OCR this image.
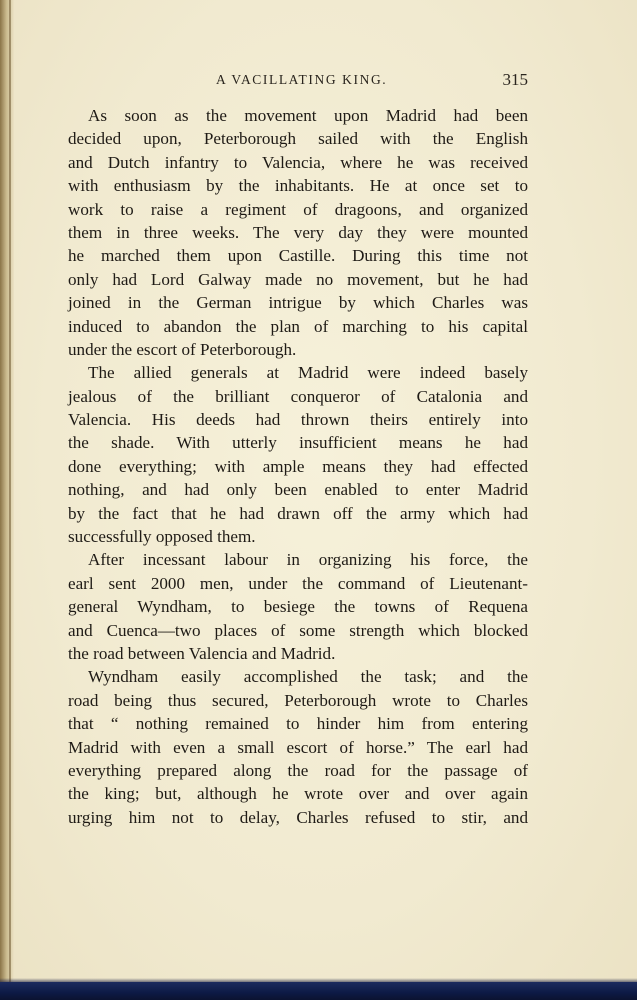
A VACILLATING KING.	315
As soon as the movement upon Madrid had been
decided upon, Peterborough sailed with the English
and Dutch infantry to Valencia, where he was received
with enthusiasm by the inhabitants. He at once set to
work to raise a regiment of dragoons, and organized
them in three weeks. The very day they were mounted
he marched them upon Castille. During this time not
only had Lord Galway made no movement, but he had
joined in the German intrigue by which Charles was
induced to abandon the plan of marching to his capital
under the escort of Peterborough.
The allied generals at Madrid were indeed basely
jealous of the brilliant conqueror of Catalonia and
Valencia. His deeds had thrown theirs entirely into
the shade. With utterly insufficient means he had
done everything; with ample means they had effected
nothing, and had only been enabled to enter Madrid
by the fact that he had drawn off the army which had
successfully opposed them.
After incessant labour in organizing his force, the
earl sent 2000 men, under the command of Lieutenant-
general Wyndham, to besiege the towns of Requena
and Cuenca—two places of some strength which blocked
the road between Valencia and Madrid.
Wyndham easily accomplished the task; and the
road being thus secured, Peterborough wrote to Charles
that “ nothing remained to hinder him from entering
Madrid with even a small escort of horse.” The earl had
everything prepared along the road for the passage of
the king; but, although he wrote over and over again
urging him not to delay, Charles refused to stir, and
